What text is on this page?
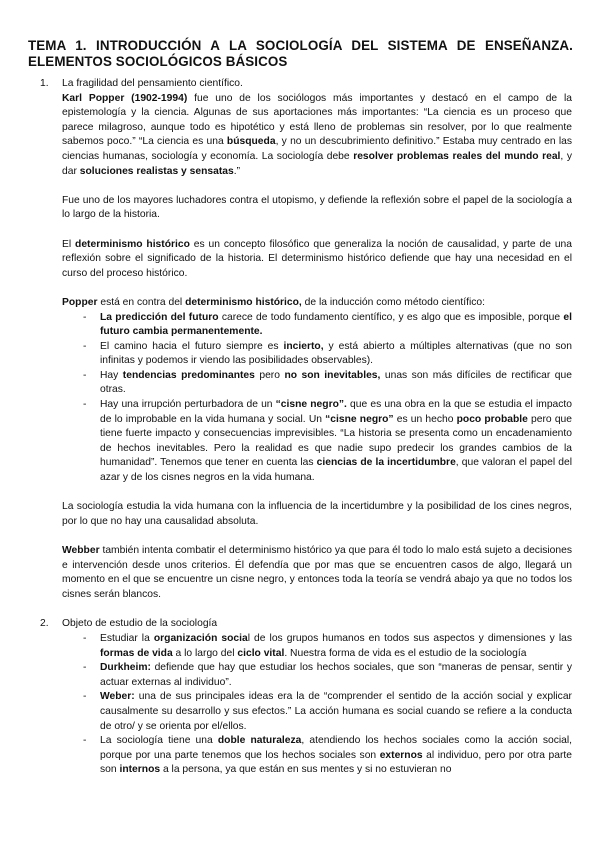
TEMA 1. INTRODUCCIÓN A LA SOCIOLOGÍA DEL SISTEMA DE ENSEÑANZA. ELEMENTOS SOCIOLÓGICOS BÁSICOS
1. La fragilidad del pensamiento científico.

Karl Popper (1902-1994) fue uno de los sociólogos más importantes y destacó en el campo de la epistemología y la ciencia. Algunas de sus aportaciones más importantes: “La ciencia es un proceso que parece milagroso, aunque todo es hipotético y está lleno de problemas sin resolver, por lo que realmente sabemos poco.” “La ciencia es una búsqueda, y no un descubrimiento definitivo.” Estaba muy centrado en las ciencias humanas, sociología y economía. La sociología debe resolver problemas reales del mundo real, y dar soluciones realistas y sensatas.”

Fue uno de los mayores luchadores contra el utopismo, y defiende la reflexión sobre el papel de la sociología a lo largo de la historia.

El determinismo histórico es un concepto filosófico que generaliza la noción de causalidad, y parte de una reflexión sobre el significado de la historia. El determinismo histórico defiende que hay una necesidad en el curso del proceso histórico.

Popper está en contra del determinismo histórico, de la inducción como método científico:

- La predicción del futuro carece de todo fundamento científico, y es algo que es imposible, porque el futuro cambia permanentemente.
- El camino hacia el futuro siempre es incierto, y está abierto a múltiples alternativas (que no son infinitas y podemos ir viendo las posibilidades observables).
- Hay tendencias predominantes pero no son inevitables, unas son más difíciles de rectificar que otras.
- Hay una irrupción perturbadora de un “cisne negro”. que es una obra en la que se estudia el impacto de lo improbable en la vida humana y social. Un “cisne negro” es un hecho poco probable pero que tiene fuerte impacto y consecuencias imprevisibles. “La historia se presenta como un encadenamiento de hechos inevitables. Pero la realidad es que nadie supo predecir los grandes cambios de la humanidad”. Tenemos que tener en cuenta las ciencias de la incertidumbre, que valoran el papel del azar y de los cisnes negros en la vida humana.

La sociología estudia la vida humana con la influencia de la incertidumbre y la posibilidad de los cines negros, por lo que no hay una causalidad absoluta.

Webber también intenta combatir el determinismo histórico ya que para él todo lo malo está sujeto a decisiones e intervención desde unos criterios. Él defendía que por mas que se encuentren casos de algo, llegará un momento en el que se encuentre un cisne negro, y entonces toda la teoría se vendrá abajo ya que no todos los cisnes serán blancos.

2. Objeto de estudio de la sociología
- Estudiar la organización social de los grupos humanos en todos sus aspectos y dimensiones y las formas de vida a lo largo del ciclo vital. Nuestra forma de vida es el estudio de la sociología
- Durkheim: defiende que hay que estudiar los hechos sociales, que son “maneras de pensar, sentir y actuar externas al individuo”.
- Weber: una de sus principales ideas era la de “comprender el sentido de la acción social y explicar causalmente su desarrollo y sus efectos.” La acción humana es social cuando se refiere a la conducta de otro/ y se orienta por el/ellos.
- La sociología tiene una doble naturaleza, atendiendo los hechos sociales como la acción social, porque por una parte tenemos que los hechos sociales son externos al individuo, pero por otra parte son internos a la persona, ya que están en sus mentes y si no estuvieran no
